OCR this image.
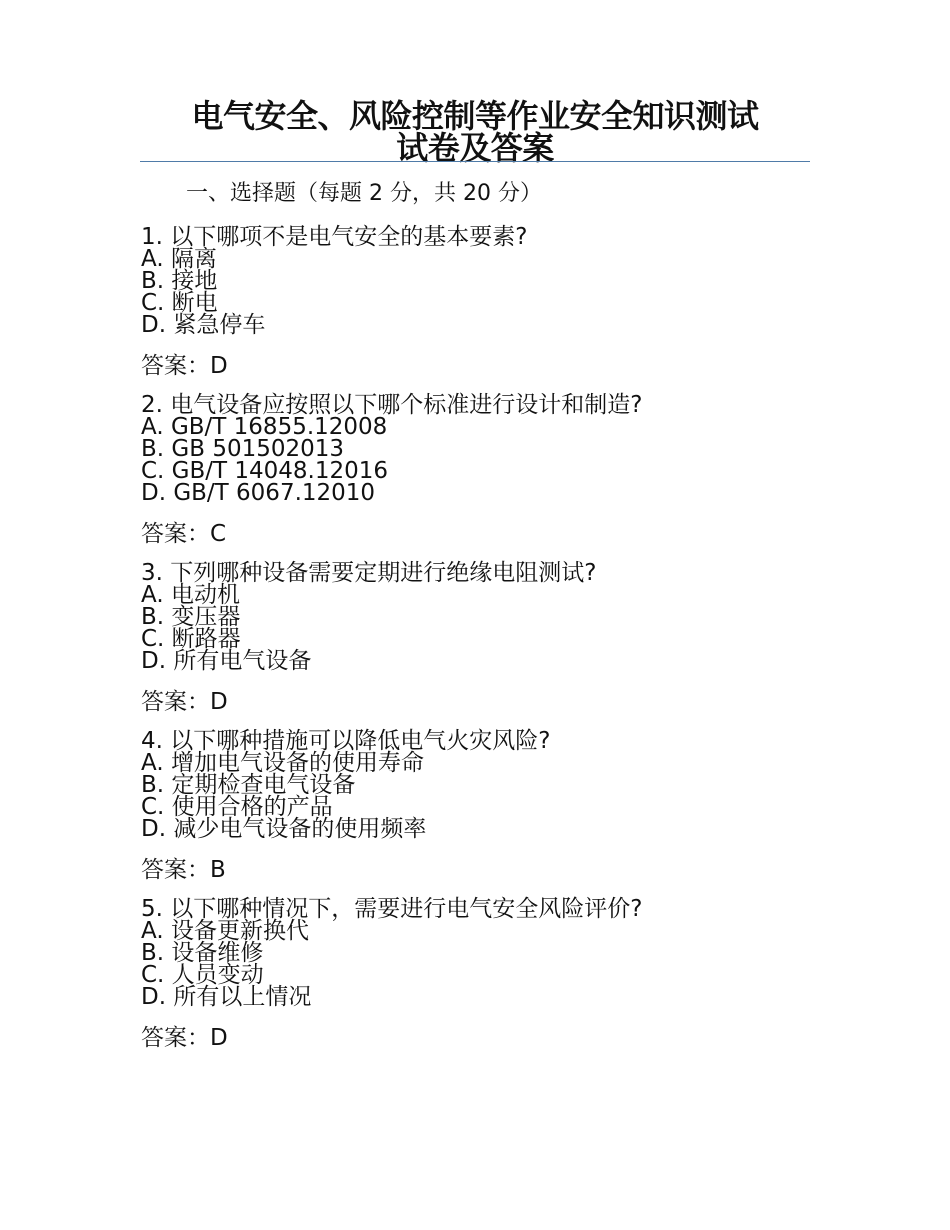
电气安全、风险控制等作业安全知识测试
试卷及答案
一、选择题（每题 2 分，共 20 分）
1. 以下哪项不是电气安全的基本要素?
A. 隔离
B. 接地
C. 断电
D. 紧急停车
答案：D
2. 电气设备应按照以下哪个标准进行设计和制造?
A. GB/T 16855.12008
B. GB 501502013
C. GB/T 14048.12016
D. GB/T 6067.12010
答案：C
3. 下列哪种设备需要定期进行绝缘电阻测试?
A. 电动机
B. 变压器
C. 断路器
D. 所有电气设备
答案：D
4. 以下哪种措施可以降低电气火灾风险?
A. 增加电气设备的使用寿命
B. 定期检查电气设备
C. 使用合格的产品
D. 减少电气设备的使用频率
答案：B
5. 以下哪种情况下，需要进行电气安全风险评价?
A. 设备更新换代
B. 设备维修
C. 人员变动
D. 所有以上情况
答案：D
